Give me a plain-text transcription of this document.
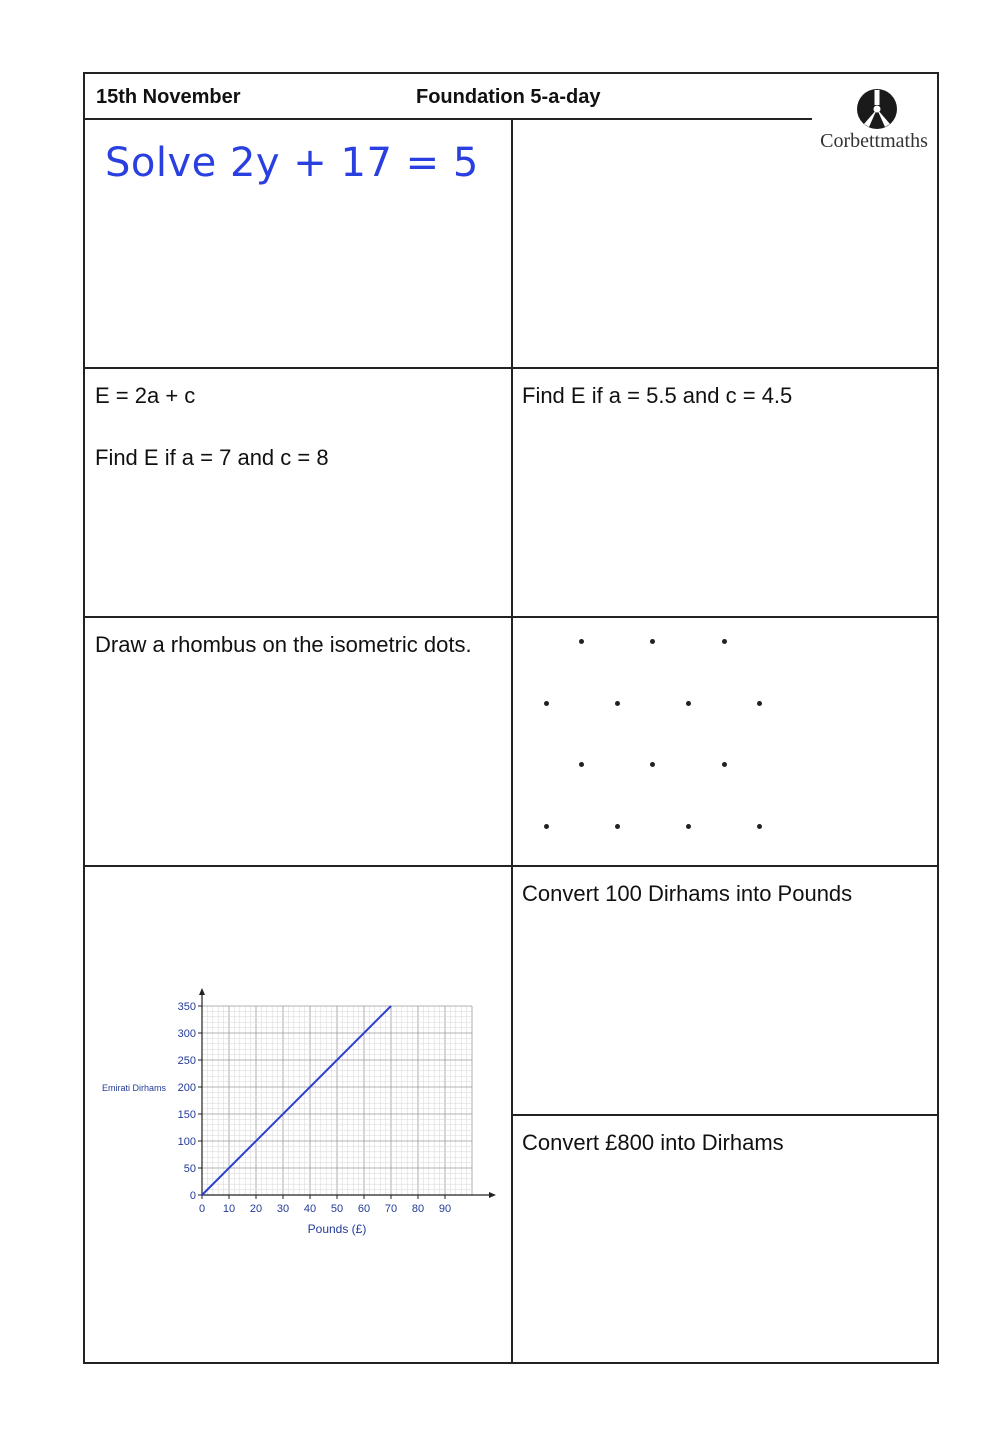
15th November	Foundation 5-a-day
Corbettmaths
Solve 2y + 17 = 5
E = 2a + c
Find E if a = 7 and c = 8
Find E if a = 5.5 and c = 4.5
Draw a rhombus on the isometric dots.
Convert 100 Dirhams into Pounds
Convert £800 into Dirhams
0 10 20 30 40 50 60 70 80 90
0
50
100
150
200
250
300
350
Pounds (£)
Emirati Dirhams
